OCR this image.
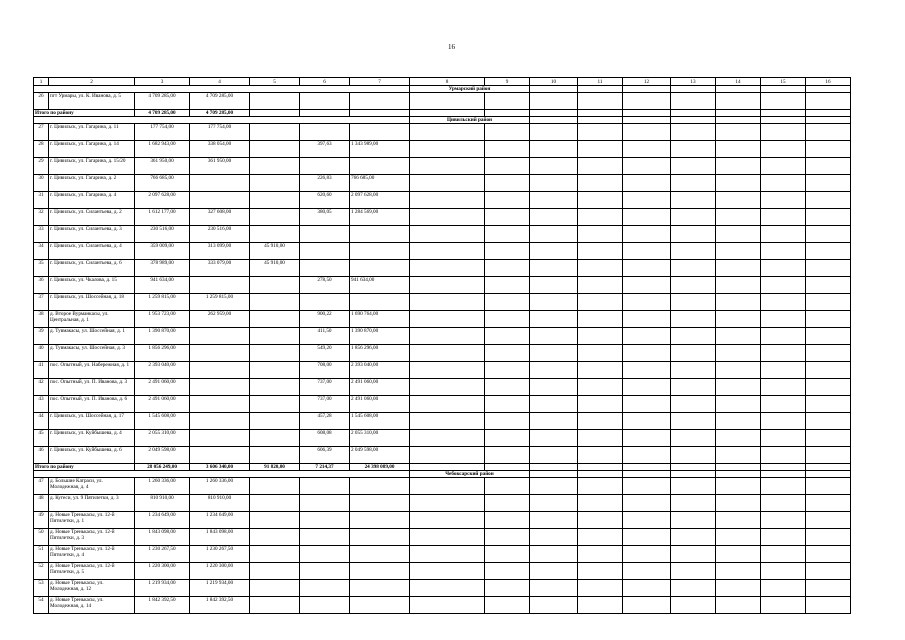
16
1	2	3	4	5	6	7	8	9	10	11	12	13	14	15	16
							Урмарский район								
26	пгт Урмары, ул. К. Иванова, д. 5	4 709 285,00	4 709 285,00												
Итого по району		4 709 285,00	4 709 285,00												
							Цивильский район								
27	г. Цивильск, ул. Гагарина, д. 11	177 754,00	177 754,00												
28	г. Цивильск, ул. Гагарина, д. 14	1 682 943,00	338 054,00		397,63	1 343 989,00									
29	г. Цивильск, ул. Гагарина, д. 15/20	361 950,00	361 950,00												
30	г. Цивильск, ул. Гагарина, д. 2	766 685,00			226,83	766 685,00									
31	г. Цивильск, ул. Гагарина, д. 4	2 097 628,00			620,60	2 097 628,00									
32	г. Цивильск, ул. Силантьева, д. 2	1 612 177,00	327 608,00		380,05	1 284 569,00									
33	г. Цивильск, ул. Силантьева, д. 3	230 516,00	230 516,00												
34	г. Цивильск, ул. Силантьева, д. 4	359 009,00	313 099,00	45 910,00											
35	г. Цивильск, ул. Силантьева, д. 6	378 989,00	333 079,00	45 910,00											
36	г. Цивильск, ул. Чкалова, д. 15	941 634,00			278,50	941 634,00									
37	г. Цивильск, ул. Шоссейная, д. 18	1 259 815,00	1 259 815,00												
38	д. Второе Вурманкасы, ул. Центральная, д. 1	1 953 723,00	262 959,00		900,22	1 690 764,00									
39	д. Тувмакасы, ул. Шоссейная, д. 1	1 390 870,00			411,50	1 390 870,00									
40	д. Тувмакасы, ул. Шоссейная, д. 3	1 856 296,00			549,20	1 856 296,00									
41	пос. Опытный, ул. Набережная, д. 1	2 393 040,00			708,00	2 393 040,00									
42	пос. Опытный, ул. П. Иванова, д. 3	2 491 060,00			737,00	2 491 060,00									
43	пос. Опытный, ул. П. Иванова, д. 6	2 491 060,00			737,00	2 491 060,00									
44	г. Цивильск, ул. Шоссейная, д. 17	1 545 608,00			457,28	1 545 608,00									
45	г. Цивильск, ул. Куйбышева, д. 4	2 055 310,00			608,08	2 055 310,00									
46	г. Цивильск, ул. Куйбышева, д. 6	2 049 598,00			606,39	2 049 598,00									
Итого по району		28 056 249,00	3 606 340,00	91 820,00	7 214,37	24 398 089,00									
							Чебоксарский район								
47	д. Большие Катраси, ул. Молодежная, д. 4	1 260 336,00	1 260 336,00												
48	д. Кугеси, ул. 9 Пятилетки, д. 3	810 910,00	810 910,00												
49	д. Новые Тренькасы, ул. 12-й Пятилетки, д. 1	1 234 649,00	1 234 649,00												
50	д. Новые Тренькасы, ул. 12-й Пятилетки, д. 3	1 843 098,00	1 843 098,00												
51	д. Новые Тренькасы, ул. 12-й Пятилетки, д. 4	1 230 267,50	1 230 267,50												
52	д. Новые Тренькасы, ул. 12-й Пятилетки, д. 5	1 220 300,00	1 220 300,00												
53	д. Новые Тренькасы, ул. Молодежная, д. 12	1 219 934,00	1 219 934,00												
54	д. Новые Тренькасы, ул. Молодежная, д. 14	1 842 392,50	1 842 392,50												
